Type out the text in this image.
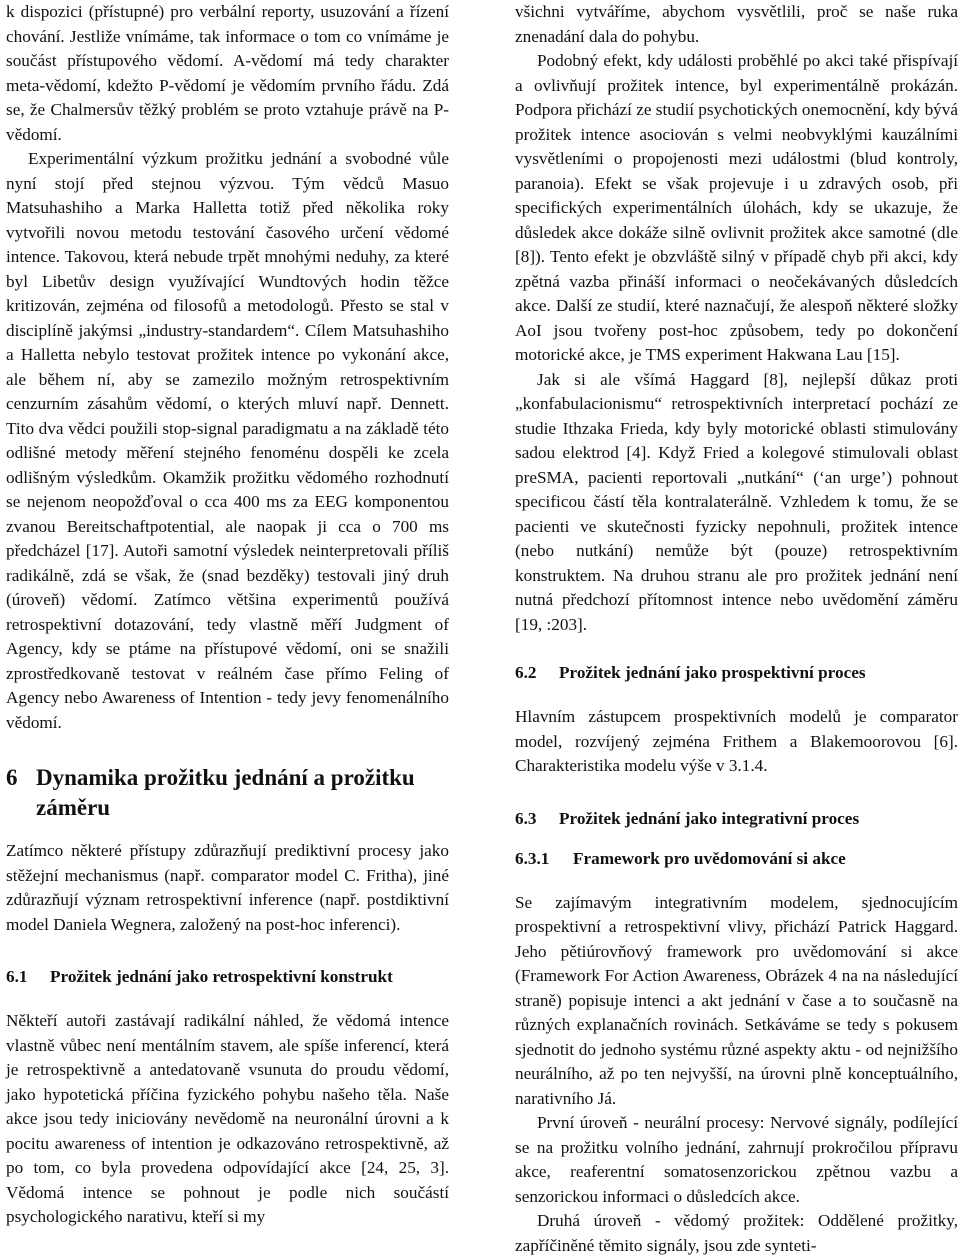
k dispozici (přístupné) pro verbální reporty, usuzování a řízení chování. Jestliže vnímáme, tak informace o tom co vnímáme je součást přístupového vědomí. A-vědomí má tedy charakter meta-vědomí, kdežto P-vědomí je vědomím prvního řádu. Zdá se, že Chalmersův těžký problém se proto vztahuje právě na P-vědomí.

Experimentální výzkum prožitku jednání a svobodné vůle nyní stojí před stejnou výzvou. Tým vědců Masuo Matsuhashiho a Marka Halletta totiž před několika roky vytvořili novou metodu testování časového určení vědomé intence. Takovou, která nebude trpět mnohými neduhy, za které byl Libetův design využívající Wundtových hodin těžce kritizován, zejména od filosofů a metodologů. Přesto se stal v disciplíně jakýmsi „industry-standardem“. Cílem Matsuhashiho a Halletta nebylo testovat prožitek intence po vykonání akce, ale během ní, aby se zamezilo možným retrospektivním cenzurním zásahům vědomí, o kterých mluví např. Dennett. Tito dva vědci použili stop-signal paradigmatu a na základě této odlišné metody měření stejného fenoménu dospěli ke zcela odlišným výsledkům. Okamžik prožitku vědomého rozhodnutí se nejenom neopožďoval o cca 400 ms za EEG komponentou zvanou Bereitschaftpotential, ale naopak ji cca o 700 ms předcházel [17]. Autoři samotní výsledek neinterpretovali příliš radikálně, zdá se však, že (snad bezděky) testovali jiný druh (úroveň) vědomí. Zatímco většina experimentů používá retrospektivní dotazování, tedy vlastně měří Judgment of Agency, kdy se ptáme na přístupové vědomí, oni se snažili zprostředkovaně testovat v reálném čase přímo Feling of Agency nebo Awareness of Intention - tedy jevy fenomenálního vědomí.

6 Dynamika prožitku jednání a prožitku záměru

Zatímco některé přístupy zdůrazňují prediktivní procesy jako stěžejní mechanismus (např. comparator model C. Fritha), jiné zdůrazňují význam retrospektivní inference (např. postdiktivní model Daniela Wegnera, založený na post-hoc inferenci).

6.1	Prožitek jednání jako retrospektivní konstrukt

Někteří autoři zastávají radikální náhled, že vědomá intence vlastně vůbec není mentálním stavem, ale spíše inferencí, která je retrospektivně a antedatovaně vsunuta do proudu vědomí, jako hypotetická příčina fyzického pohybu našeho těla. Naše akce jsou tedy iniciovány nevědomě na neuronální úrovni a k pocitu awareness of intention je odkazováno retrospektivně, až po tom, co byla provedena odpovídající akce [24, 25, 3]. Vědomá intence se pohnout je podle nich součástí psychologického narativu, kteří si my

všichni vytváříme, abychom vysvětlili, proč se naše ruka znenadání dala do pohybu.

Podobný efekt, kdy události proběhlé po akci také přispívají a ovlivňují prožitek intence, byl experimentálně prokázán. Podpora přichází ze studií psychotických onemocnění, kdy bývá prožitek intence asociován s velmi neobvyklými kauzálními vysvětleními o propojenosti mezi událostmi (blud kontroly, paranoia). Efekt se však projevuje i u zdravých osob, při specifických experimentálních úlohách, kdy se ukazuje, že důsledek akce dokáže silně ovlivnit prožitek akce samotné (dle [8]). Tento efekt je obzvláště silný v případě chyb při akci, kdy zpětná vazba přináší informaci o neočekávaných důsledcích akce. Další ze studií, které naznačují, že alespoň některé složky AoI jsou tvořeny post-hoc způsobem, tedy po dokončení motorické akce, je TMS experiment Hakwana Lau [15].

Jak si ale všímá Haggard [8], nejlepší důkaz proti „konfabulacionismu“ retrospektivních interpretací pochází ze studie Ithzaka Frieda, kdy byly motorické oblasti stimulovány sadou elektrod [4]. Když Fried a kolegové stimulovali oblast preSMA, pacienti reportovali „nutkání“ (‘an urge’) pohnout specificou částí těla kontralaterálně. Vzhledem k tomu, že se pacienti ve skutečnosti fyzicky nepohnuli, prožitek intence (nebo nutkání) nemůže být (pouze) retrospektivním konstruktem. Na druhou stranu ale pro prožitek jednání není nutná předchozí přítomnost intence nebo uvědomění záměru [19, :203].

6.2	Prožitek jednání jako prospektivní proces

Hlavním zástupcem prospektivních modelů je comparator model, rozvíjený zejména Frithem a Blakemoorovou [6]. Charakteristika modelu výše v 3.1.4.

6.3	Prožitek jednání jako integrativní proces
6.3.1	Framework pro uvědomování si akce

Se zajímavým integrativním modelem, sjednocujícím prospektivní a retrospektivní vlivy, přichází Patrick Haggard. Jeho pětiúrovňový framework pro uvědomování si akce (Framework For Action Awareness, Obrázek 4 na na následující straně) popisuje intenci a akt jednání v čase a to současně na různých explanačních rovinách. Setkáváme se tedy s pokusem sjednotit do jednoho systému různé aspekty aktu - od nejnižšího neurálního, až po ten nejvyšší, na úrovni plně konceptuálního, narativního Já.

První úroveň - neurální procesy: Nervové signály, podílející se na prožitku volního jednání, zahrnují prokročilou přípravu akce, reaferentní somatosenzorickou zpětnou vazbu a senzorickou informaci o důsledcích akce.

Druhá úroveň - vědomý prožitek: Oddělené prožitky, zapříčiněné těmito signály, jsou zde synteti-
